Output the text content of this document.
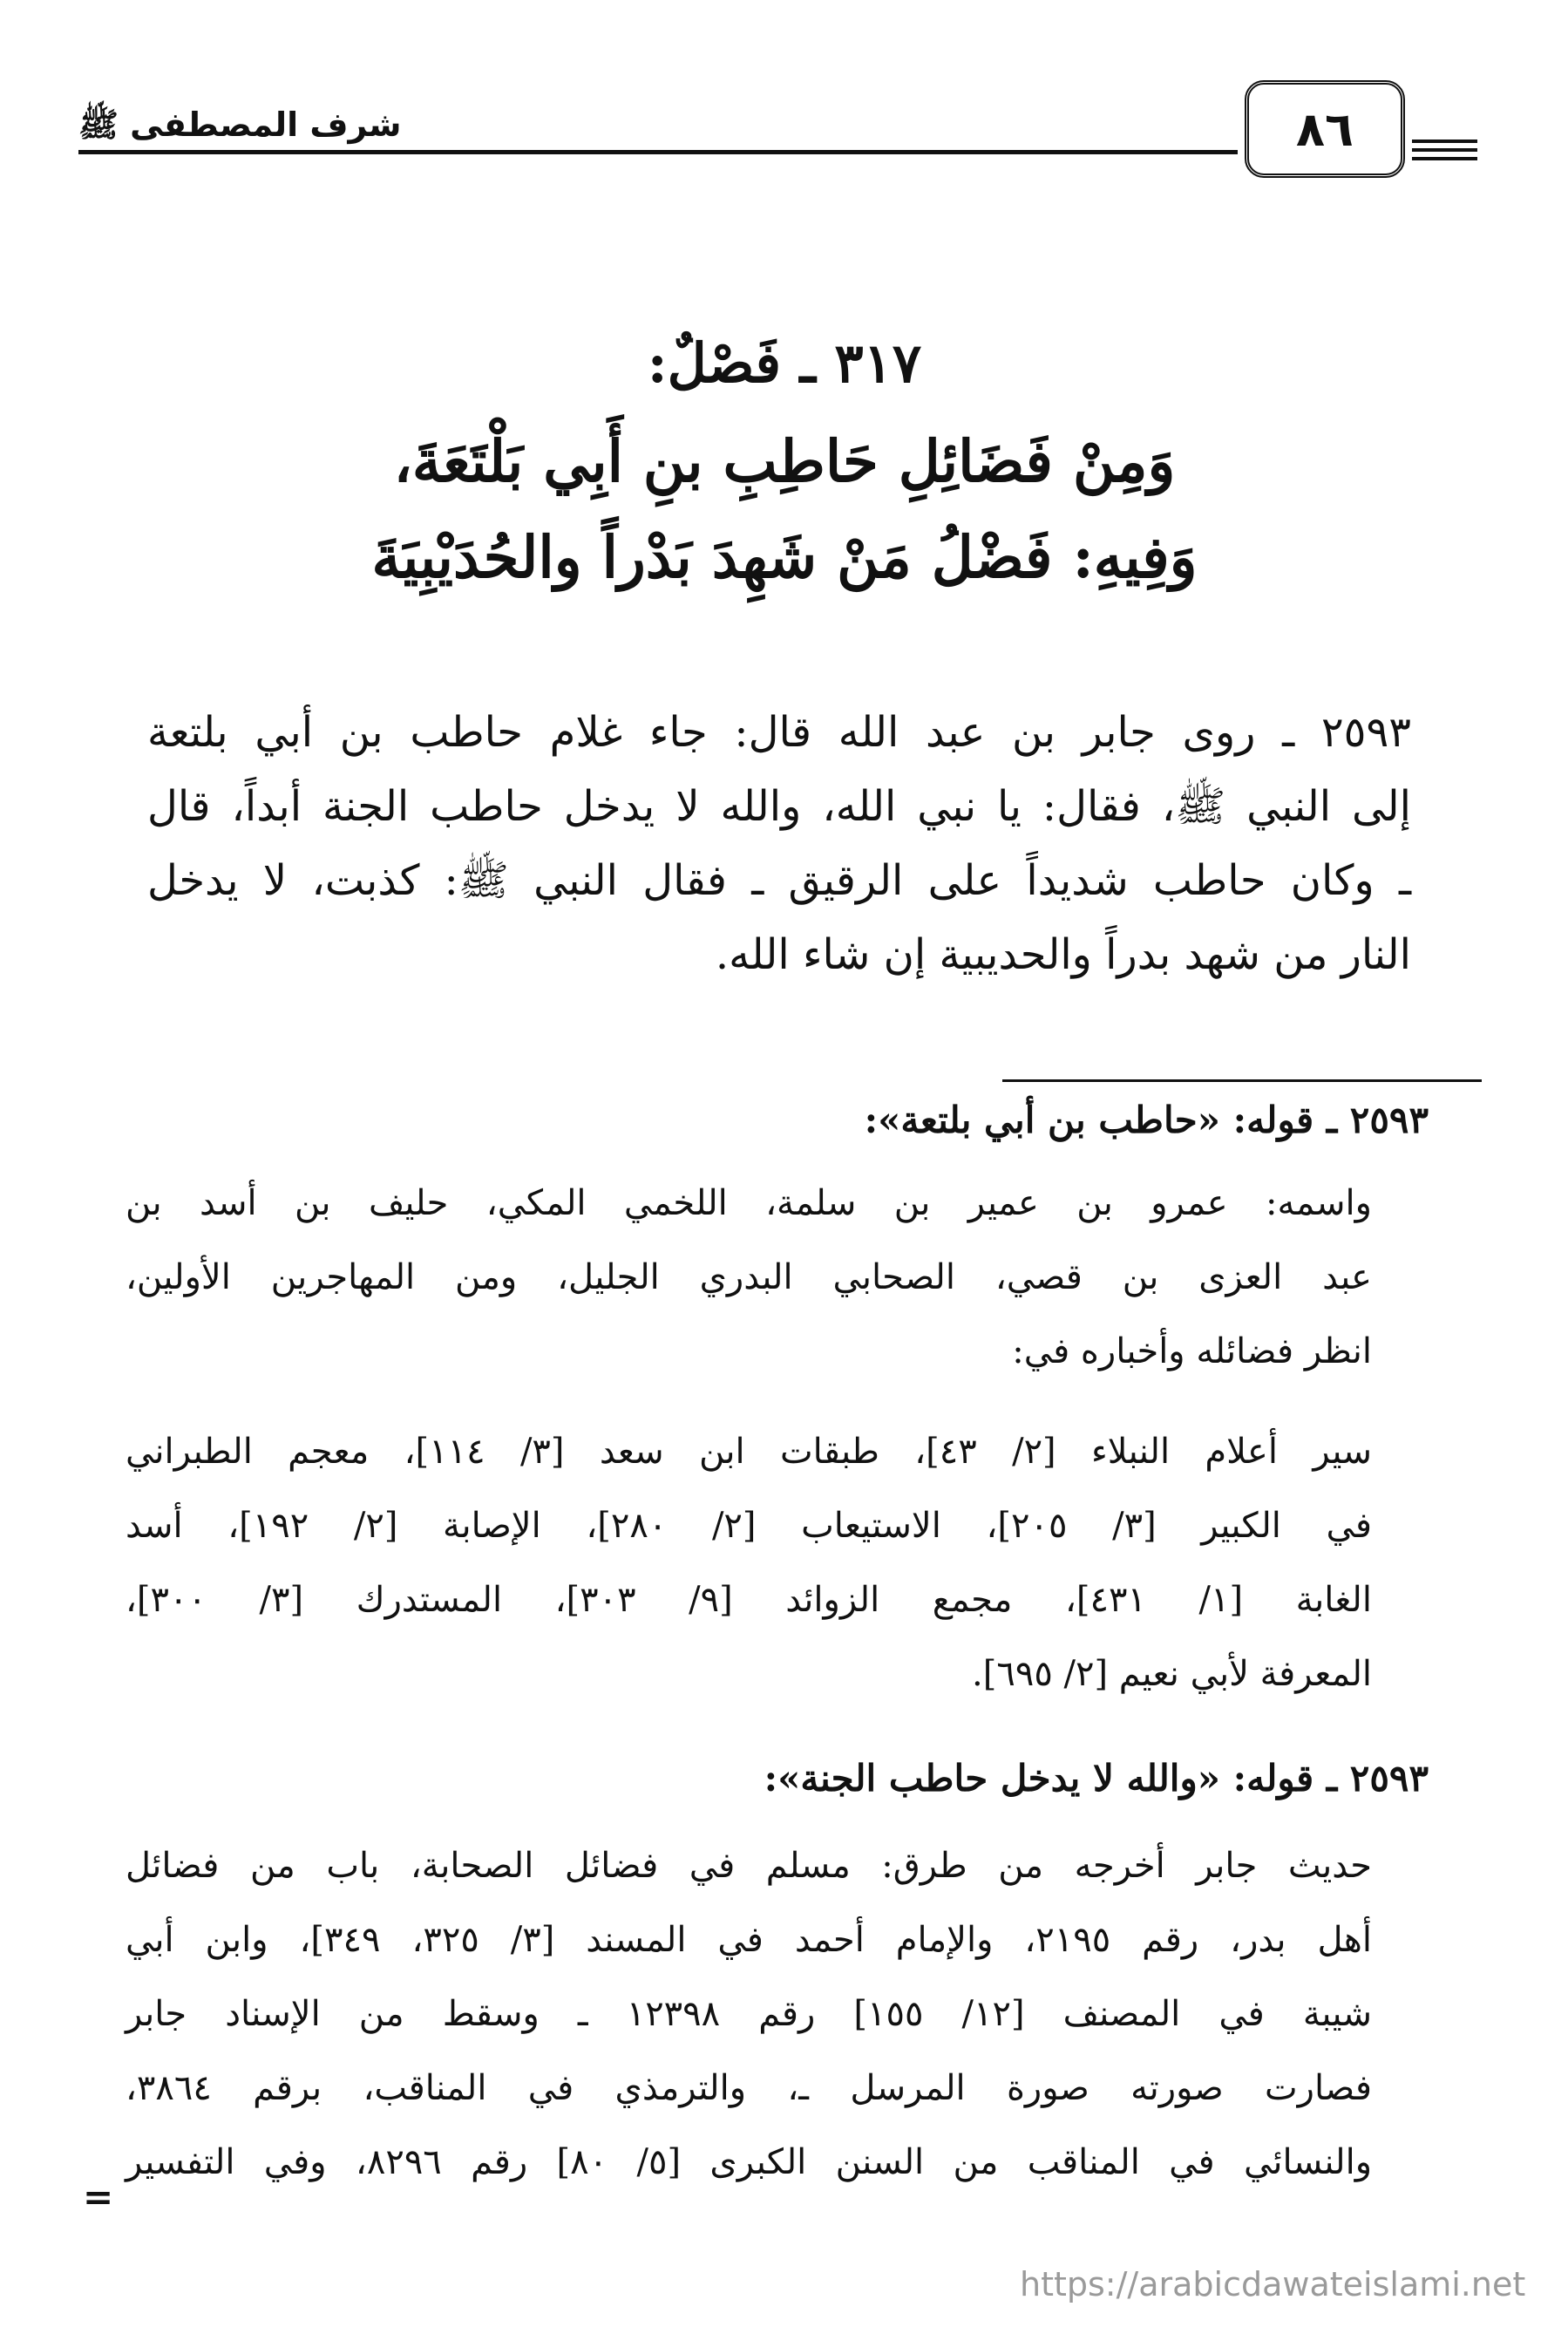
شرف المصطفى ﷺ	٨٦
٣١٧ ـ فَصْلٌ:
وَمِنْ فَضَائِلِ حَاطِبِ بنِ أَبِي بَلْتَعَةَ،
وَفِيهِ: فَضْلُ مَنْ شَهِدَ بَدْراً والحُدَيْبِيَةَ
٢٥٩٣ ـ روى جابر بن عبد الله قال: جاء غلام حاطب بن أبي بلتعة
إلى النبي ﷺ، فقال: يا نبي الله، والله لا يدخل حاطب الجنة أبداً، قال
ـ وكان حاطب شديداً على الرقيق ـ فقال النبي ﷺ: كذبت، لا يدخل
النار من شهد بدراً والحديبية إن شاء الله.
٢٥٩٣ ـ قوله: «حاطب بن أبي بلتعة»:
واسمه: عمرو بن عمير بن سلمة، اللخمي المكي، حليف بن أسد بن
عبد العزى بن قصي، الصحابي البدري الجليل، ومن المهاجرين الأولين،
انظر فضائله وأخباره في:
سير أعلام النبلاء [٢/ ٤٣]، طبقات ابن سعد [٣/ ١١٤]، معجم الطبراني
في الكبير [٣/ ٢٠٥]، الاستيعاب [٢/ ٢٨٠]، الإصابة [٢/ ١٩٢]، أسد
الغابة [١/ ٤٣١]، مجمع الزوائد [٩/ ٣٠٣]، المستدرك [٣/ ٣٠٠]،
المعرفة لأبي نعيم [٢/ ٦٩٥].
٢٥٩٣ ـ قوله: «والله لا يدخل حاطب الجنة»:
حديث جابر أخرجه من طرق: مسلم في فضائل الصحابة، باب من فضائل
أهل بدر، رقم ٢١٩٥، والإمام أحمد في المسند [٣/ ٣٢٥، ٣٤٩]، وابن أبي
شيبة في المصنف [١٢/ ١٥٥] رقم ١٢٣٩٨ ـ وسقط من الإسناد جابر
فصارت صورته صورة المرسل ـ، والترمذي في المناقب، برقم ٣٨٦٤،
والنسائي في المناقب من السنن الكبرى [٥/ ٨٠] رقم ٨٢٩٦، وفي التفسير
=
https://arabicdawateislami.net
